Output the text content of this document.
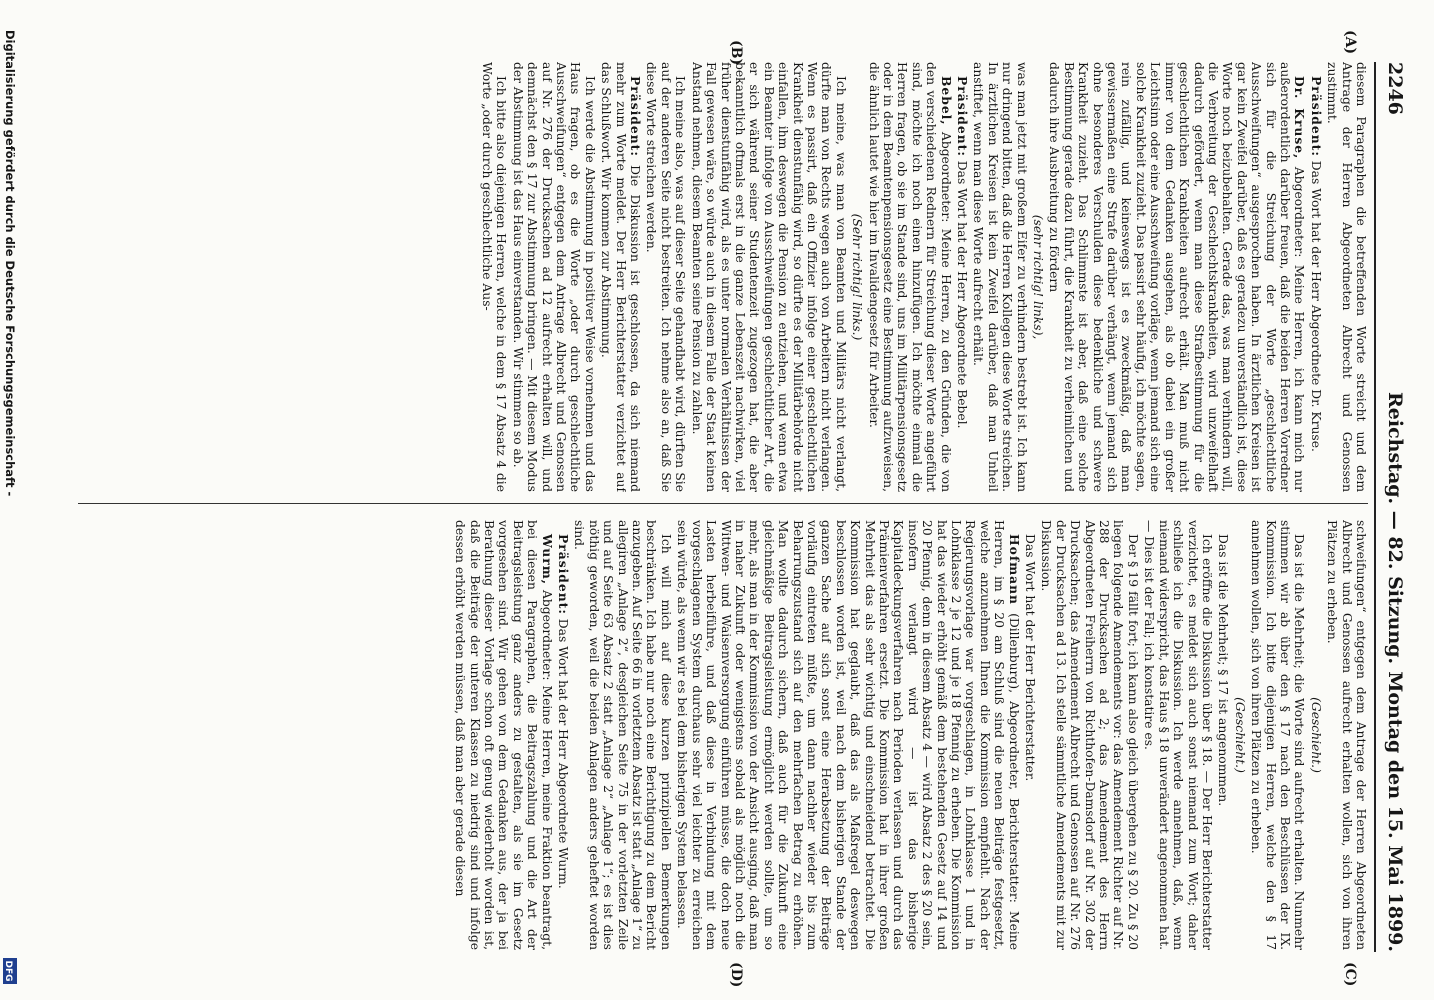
2246
Reichstag. — 82. Sitzung.
Montag den 15. Mai 1899.
(A)
(B)
(C)
(D)

diesem Paragraphen die betreffenden Worte streicht und dem Antrage der Herren Abgeordneten Albrecht und Genossen zustimmt.

Präsident: Das Wort hat der Herr Abgeordnete Dr. Kruse.

Dr. Kruse, Abgeordneter: Meine Herren, ich kann mich nur außerordentlich darüber freuen, daß die beiden Herren Vorredner sich für die Streichung der Worte „geschlechtliche Ausschweifungen“ ausgesprochen haben. In ärztlichen Kreisen ist gar kein Zweifel darüber, daß es geradezu unverständlich ist, diese Worte noch beizubehalten. Gerade das, was man verhindern will, die Verbreitung der Geschlechtskrankheiten, wird unzweifelhaft dadurch gefördert, wenn man diese Strafbestimmung für die geschlechtlichen Krankheiten aufrecht erhält. Man muß nicht immer von dem Gedanken ausgehen, als ob dabei ein großer Leichtsinn oder eine Ausschweifung vorläge, wenn jemand sich eine solche Krankheit zuzieht. Das passirt sehr häufig, ich möchte sagen, rein zufällig, und keineswegs ist es zweckmäßig, daß man gewissermaßen eine Strafe darüber verhängt, wenn jemand sich ohne besonderes Verschulden diese bedenkliche und schwere Krankheit zuzieht. Das Schlimmste ist aber, daß eine solche Bestimmung gerade dazu führt, die Krankheit zu verheimlichen und dadurch ihre Ausbreitung zu fördern

(sehr richtig! links),

was man jetzt mit großem Eifer zu verhindern bestrebt ist. Ich kann nur dringend bitten, daß die Herren Kollegen diese Worte streichen. In ärztlichen Kreisen ist kein Zweifel darüber, daß man Unheil anstiftet, wenn man diese Worte aufrecht erhält.

Präsident: Das Wort hat der Herr Abgeordnete Bebel.

Bebel, Abgeordneter: Meine Herren, zu den Gründen, die von den verschiedenen Rednern für Streichung dieser Worte angeführt sind, möchte ich noch einen hinzufügen. Ich möchte einmal die Herren fragen, ob sie im Stande sind, uns im Militärpensionsgesetz oder in dem Beamtenpensionsgesetz eine Bestimmung aufzuweisen, die ähnlich lautet wie hier im Invalidengesetz für Arbeiter.

(Sehr richtig! links.)

Ich meine, was man von Beamten und Militärs nicht verlangt, dürfte man von Rechts wegen auch von Arbeitern nicht verlangen. Wenn es passirt, daß ein Offizier infolge einer geschlechtlichen Krankheit dienstunfähig wird, so dürfte es der Militärbehörde nicht einfallen, ihm deswegen die Pension zu entziehen, und wenn etwa ein Beamter infolge von Ausschweifungen geschlechtlicher Art, die er sich während seiner Studentenzeit zugezogen hat, die aber bekanntlich oftmals erst in die ganze Lebenszeit nachwirken, viel früher dienstunfähig wird, als es unter normalen Verhältnissen der Fall gewesen wäre, so würde auch in diesem Falle der Staat keinen Anstand nehmen, diesem Beamten seine Pension zu zahlen.

Ich meine also, was auf dieser Seite gehandhabt wird, dürften Sie auf der anderen Seite nicht bestreiten. Ich nehme also an, daß Sie diese Worte streichen werden.

Präsident: Die Diskussion ist geschlossen, da sich niemand mehr zum Worte meldet. Der Herr Berichterstatter verzichtet auf das Schlußwort. Wir kommen zur Abstimmung.

Ich werde die Abstimmung in positiver Weise vornehmen und das Haus fragen, ob es die Worte „oder durch geschlechtliche Ausschweifungen“ entgegen dem Antrage Albrecht und Genossen auf Nr. 276 der Drucksachen ad 12 aufrecht erhalten will, und demnächst den § 17 zur Abstimmung bringen. — Mit diesem Modus der Abstimmung ist das Haus einverstanden. Wir stimmen so ab.

Ich bitte also diejenigen Herren, welche in dem § 17 Absatz 4 die Worte „oder durch geschlechtliche Aus-

schweifungen“ entgegen dem Antrage der Herren Abgeordneten Albrecht und Genossen aufrecht erhalten wollen, sich von ihren Plätzen zu erheben.

(Geschieht.)

Das ist die Mehrheit; die Worte sind aufrecht erhalten. Nunmehr stimmen wir ab über den § 17 nach den Beschlüssen der IX. Kommission. Ich bitte diejenigen Herren, welche den § 17 annehmen wollen, sich von ihren Plätzen zu erheben.

(Geschieht.)

Das ist die Mehrheit; § 17 ist angenommen.

Ich eröffne die Diskussion über § 18. — Der Herr Berichterstatter verzichtet, es meldet sich auch sonst niemand zum Wort; daher schließe ich die Diskussion. Ich werde annehmen, daß, wenn niemand widerspricht, das Haus § 18 unverändert angenommen hat. — Dies ist der Fall; ich konstatire es.

Der § 19 fällt fort; ich kann also gleich übergehen zu § 20. Zu § 20 liegen folgende Amendements vor: das Amendement Richter auf Nr. 288 der Drucksachen ad 2; das Amendement des Herrn Abgeordneten Freiherrn von Richthofen-Damsdorf auf Nr. 302 der Drucksachen; das Amendement Albrecht und Genossen auf Nr. 276 der Drucksachen ad 13. Ich stelle sämmtliche Amendements mit zur Diskussion.

Das Wort hat der Herr Berichterstatter.

Hofmann (Dillenburg), Abgeordneter, Berichterstatter: Meine Herren, im § 20 am Schluß sind die neuen Beiträge festgesetzt, welche anzunehmen Ihnen die Kommission empfiehlt. Nach der Regierungsvorlage war vorgeschlagen, in Lohnklasse 1 und in Lohnklasse 2 je 12 und je 18 Pfennig zu erheben. Die Kommission hat das wieder erhöht gemäß dem bestehenden Gesetz auf 14 und 20 Pfennig, denn in diesem Absatz 4 — wird Absatz 2 des § 20 sein, insofern verlangt wird — ist das bisherige Kapitaldeckungsverfahren nach Perioden verlassen und durch das Prämienverfahren ersetzt. Die Kommission hat in ihrer großen Mehrheit das als sehr wichtig und einschneidend betrachtet. Die Kommission hat geglaubt, daß das als Maßregel deswegen beschlossen worden ist, weil nach dem bisherigen Stande der ganzen Sache auf sich sonst eine Herabsetzung der Beiträge vorläufig eintreten müßte, um dann nachher wieder bis zum Beharrungszustand sich auf den mehrfachen Betrag zu erhöhen. Man wollte dadurch sichern, daß auch für die Zukunft eine gleichmäßige Beitragsleistung ermöglicht werden sollte, um so mehr, als man in der Kommission von der Ansicht ausging, daß man in naher Zukunft oder wenigstens sobald als möglich noch die Wittwen- und Waisenversorgung einführen müsse, die doch neue Lasten herbeiführe, und daß diese in Verbindung mit dem vorgeschlagenen System durchaus sehr viel leichter zu erreichen sein würde, als wenn wir es bei dem bisherigen System belassen.

Ich will mich auf diese kurzen prinzipiellen Bemerkungen beschränken. Ich habe nur noch eine Berichtigung zu dem Bericht anzugeben. Auf Seite 66 in vorletztem Absatz ist statt „Anlage 1“ zu allegiren „Anlage 2“, desgleichen Seite 75 in der vorletzten Zeile und auf Seite 63 Absatz 2 statt „Anlage 2“ „Anlage 1“; es ist dies nöthig geworden, weil die beiden Anlagen anders geheftet worden sind.

Präsident: Das Wort hat der Herr Abgeordnete Wurm.

Wurm, Abgeordneter: Meine Herren, meine Fraktion beantragt, bei diesen Paragraphen, die Beitragszahlung und die Art der Beitragsleistung ganz anders zu gestalten, als sie im Gesetz vorgesehen sind. Wir gehen von dem Gedanken aus, der ja bei Berathung dieser Vorlage schon oft genug wiederholt worden ist, daß die Beiträge der unteren Klassen zu niedrig sind und infolge dessen erhöht werden müssen, daß man aber gerade diesen

Digitalisierung gefördert durch die Deutsche Forschungsgemeinschaft -
DFG
